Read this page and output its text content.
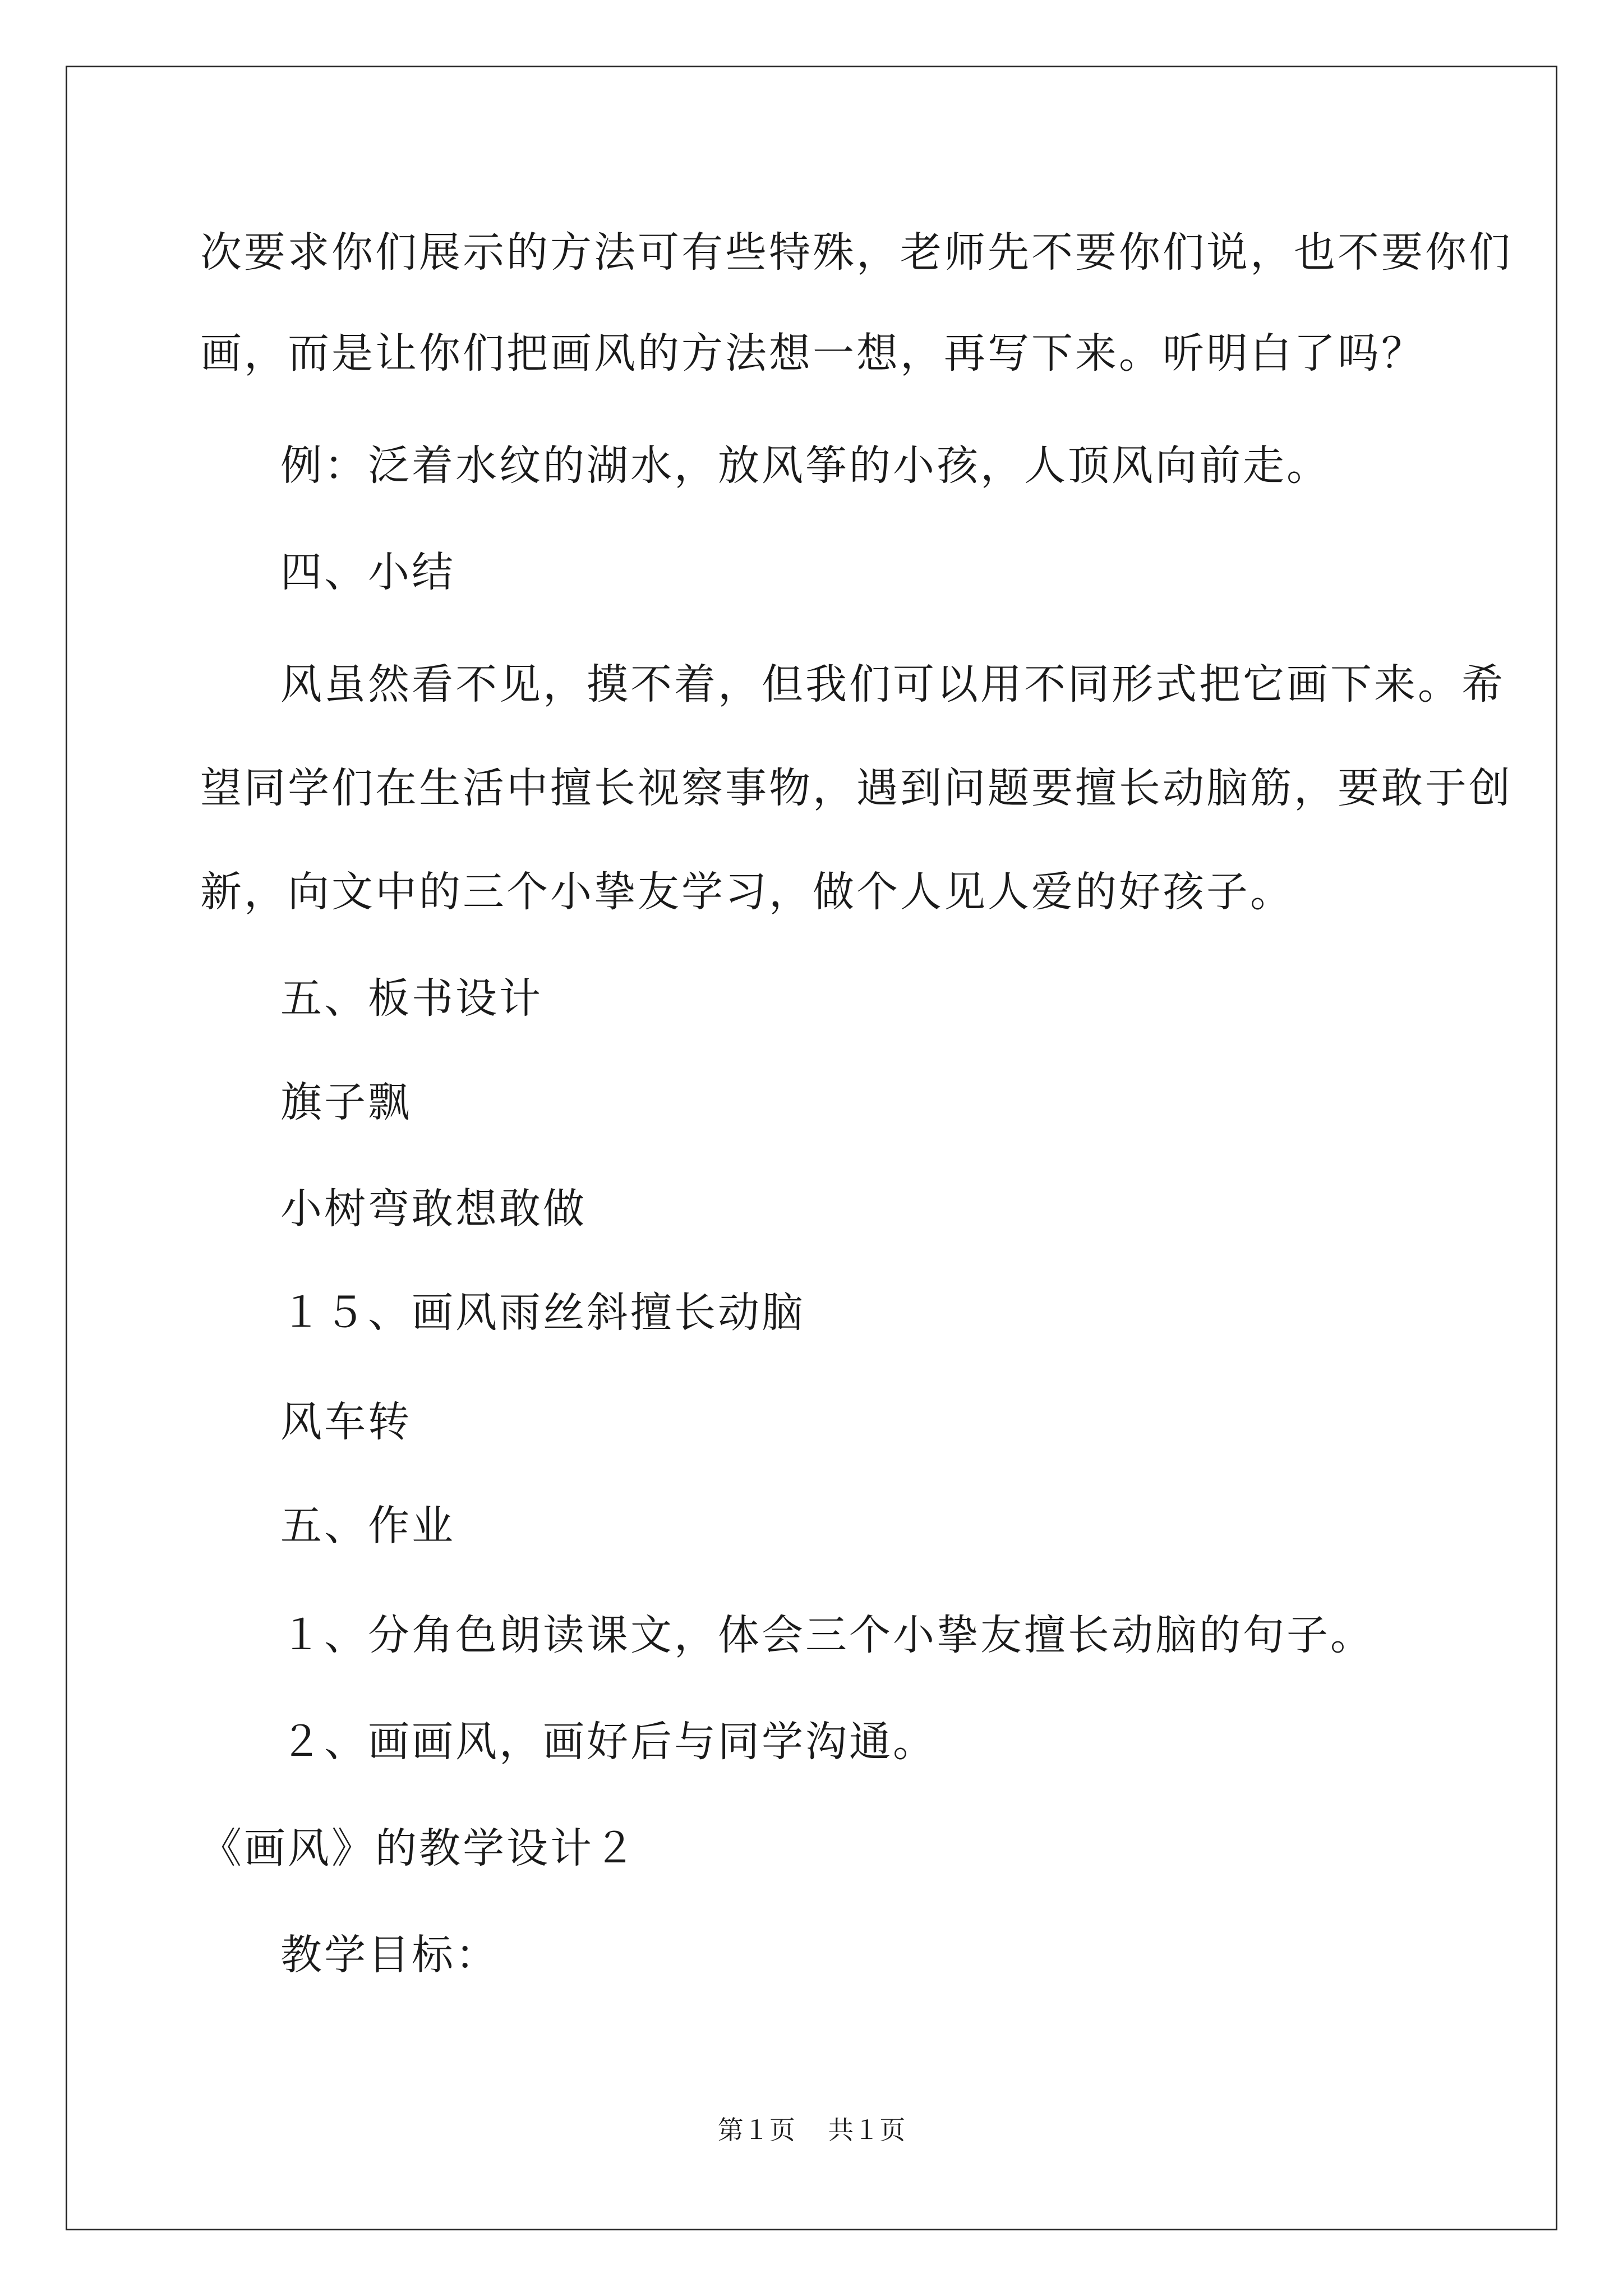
次要求你们展示的方法可有些特殊，老师先不要你们说，也不要你们
画，而是让你们把画风的方法想一想，再写下来。听明白了吗？
例：泛着水纹的湖水，放风筝的小孩，人顶风向前走。
四、小结
风虽然看不见，摸不着，但我们可以用不同形式把它画下来。希
望同学们在生活中擅长视察事物，遇到问题要擅长动脑筋，要敢于创
新，向文中的三个小挚友学习，做个人见人爱的好孩子。
五、板书设计
旗子飘
小树弯敢想敢做
１５、画风雨丝斜擅长动脑
风车转
五、作业
１、分角色朗读课文，体会三个小挚友擅长动脑的句子。
２、画画风，画好后与同学沟通。
《画风》的教学设计２
教学目标：
第１页    共１页
